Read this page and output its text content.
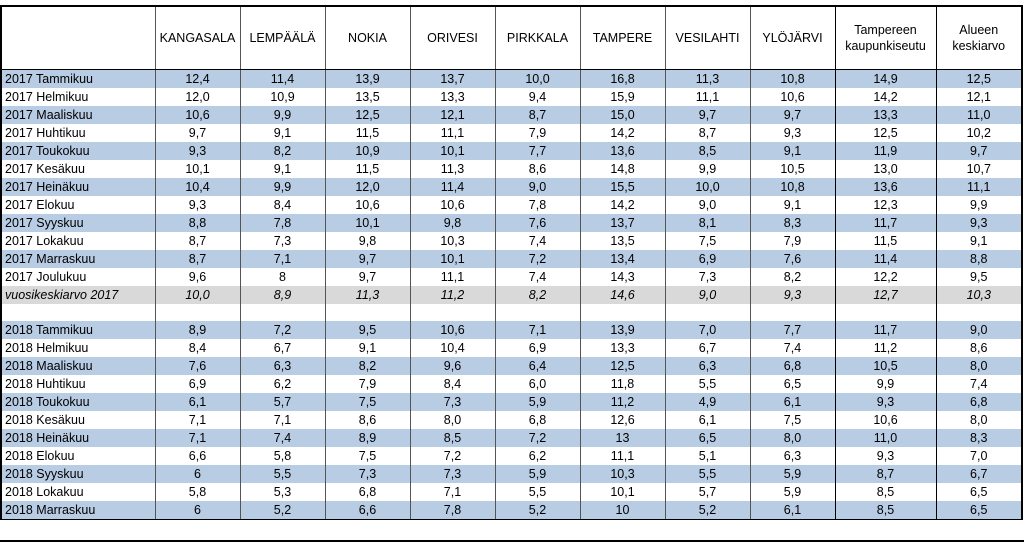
	KANGASALA	LEMPÄÄLÄ	NOKIA	ORIVESI	PIRKKALA	TAMPERE	VESILAHTI	YLÖJÄRVI	Tampereen kaupunkiseutu	Alueen keskiarvo
2017 Tammikuu	12,4	11,4	13,9	13,7	10,0	16,8	11,3	10,8	14,9	12,5
2017 Helmikuu	12,0	10,9	13,5	13,3	9,4	15,9	11,1	10,6	14,2	12,1
2017 Maaliskuu	10,6	9,9	12,5	12,1	8,7	15,0	9,7	9,7	13,3	11,0
2017 Huhtikuu	9,7	9,1	11,5	11,1	7,9	14,2	8,7	9,3	12,5	10,2
2017 Toukokuu	9,3	8,2	10,9	10,1	7,7	13,6	8,5	9,1	11,9	9,7
2017 Kesäkuu	10,1	9,1	11,5	11,3	8,6	14,8	9,9	10,5	13,0	10,7
2017 Heinäkuu	10,4	9,9	12,0	11,4	9,0	15,5	10,0	10,8	13,6	11,1
2017 Elokuu	9,3	8,4	10,6	10,6	7,8	14,2	9,0	9,1	12,3	9,9
2017 Syyskuu	8,8	7,8	10,1	9,8	7,6	13,7	8,1	8,3	11,7	9,3
2017 Lokakuu	8,7	7,3	9,8	10,3	7,4	13,5	7,5	7,9	11,5	9,1
2017 Marraskuu	8,7	7,1	9,7	10,1	7,2	13,4	6,9	7,6	11,4	8,8
2017 Joulukuu	9,6	8	9,7	11,1	7,4	14,3	7,3	8,2	12,2	9,5
vuosikeskiarvo 2017	10,0	8,9	11,3	11,2	8,2	14,6	9,0	9,3	12,7	10,3

2018 Tammikuu	8,9	7,2	9,5	10,6	7,1	13,9	7,0	7,7	11,7	9,0
2018 Helmikuu	8,4	6,7	9,1	10,4	6,9	13,3	6,7	7,4	11,2	8,6
2018 Maaliskuu	7,6	6,3	8,2	9,6	6,4	12,5	6,3	6,8	10,5	8,0
2018 Huhtikuu	6,9	6,2	7,9	8,4	6,0	11,8	5,5	6,5	9,9	7,4
2018 Toukokuu	6,1	5,7	7,5	7,3	5,9	11,2	4,9	6,1	9,3	6,8
2018 Kesäkuu	7,1	7,1	8,6	8,0	6,8	12,6	6,1	7,5	10,6	8,0
2018 Heinäkuu	7,1	7,4	8,9	8,5	7,2	13	6,5	8,0	11,0	8,3
2018 Elokuu	6,6	5,8	7,5	7,2	6,2	11,1	5,1	6,3	9,3	7,0
2018 Syyskuu	6	5,5	7,3	7,3	5,9	10,3	5,5	5,9	8,7	6,7
2018 Lokakuu	5,8	5,3	6,8	7,1	5,5	10,1	5,7	5,9	8,5	6,5
2018 Marraskuu	6	5,2	6,6	7,8	5,2	10	5,2	6,1	8,5	6,5
